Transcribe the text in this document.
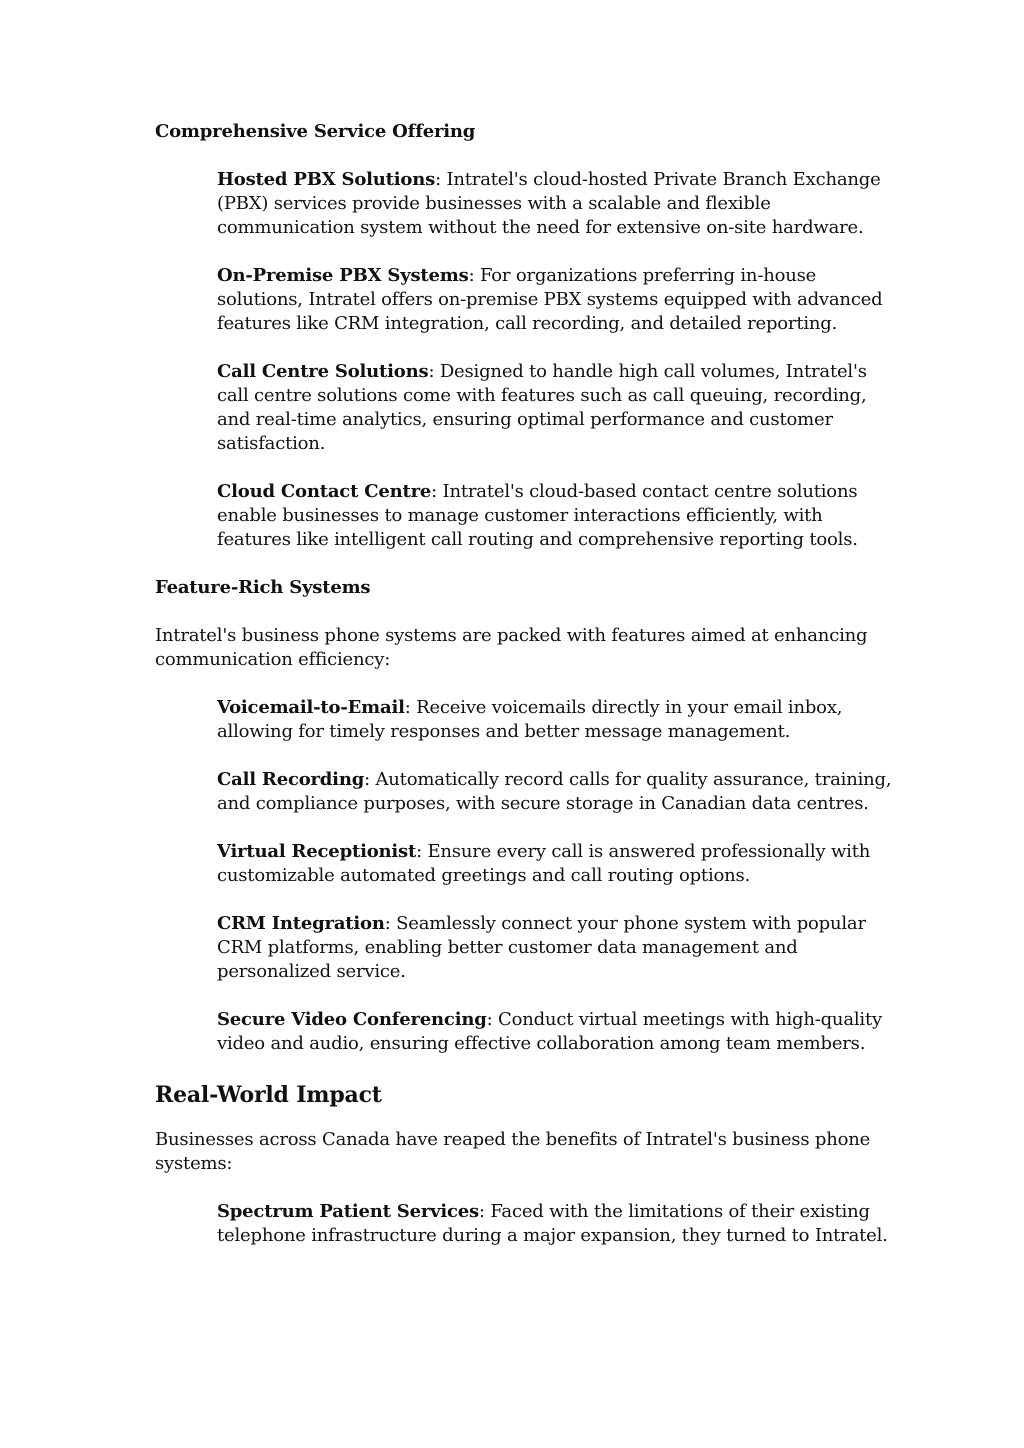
Comprehensive Service Offering
Hosted PBX Solutions: Intratel's cloud-hosted Private Branch Exchange (PBX) services provide businesses with a scalable and flexible communication system without the need for extensive on-site hardware.
On-Premise PBX Systems: For organizations preferring in-house solutions, Intratel offers on-premise PBX systems equipped with advanced features like CRM integration, call recording, and detailed reporting.
Call Centre Solutions: Designed to handle high call volumes, Intratel's call centre solutions come with features such as call queuing, recording, and real-time analytics, ensuring optimal performance and customer satisfaction.
Cloud Contact Centre: Intratel's cloud-based contact centre solutions enable businesses to manage customer interactions efficiently, with features like intelligent call routing and comprehensive reporting tools.
Feature-Rich Systems
Intratel's business phone systems are packed with features aimed at enhancing communication efficiency:
Voicemail-to-Email: Receive voicemails directly in your email inbox, allowing for timely responses and better message management.
Call Recording: Automatically record calls for quality assurance, training, and compliance purposes, with secure storage in Canadian data centres.
Virtual Receptionist: Ensure every call is answered professionally with customizable automated greetings and call routing options.
CRM Integration: Seamlessly connect your phone system with popular CRM platforms, enabling better customer data management and personalized service.
Secure Video Conferencing: Conduct virtual meetings with high-quality video and audio, ensuring effective collaboration among team members.
Real-World Impact
Businesses across Canada have reaped the benefits of Intratel's business phone systems:
Spectrum Patient Services: Faced with the limitations of their existing telephone infrastructure during a major expansion, they turned to Intratel.
